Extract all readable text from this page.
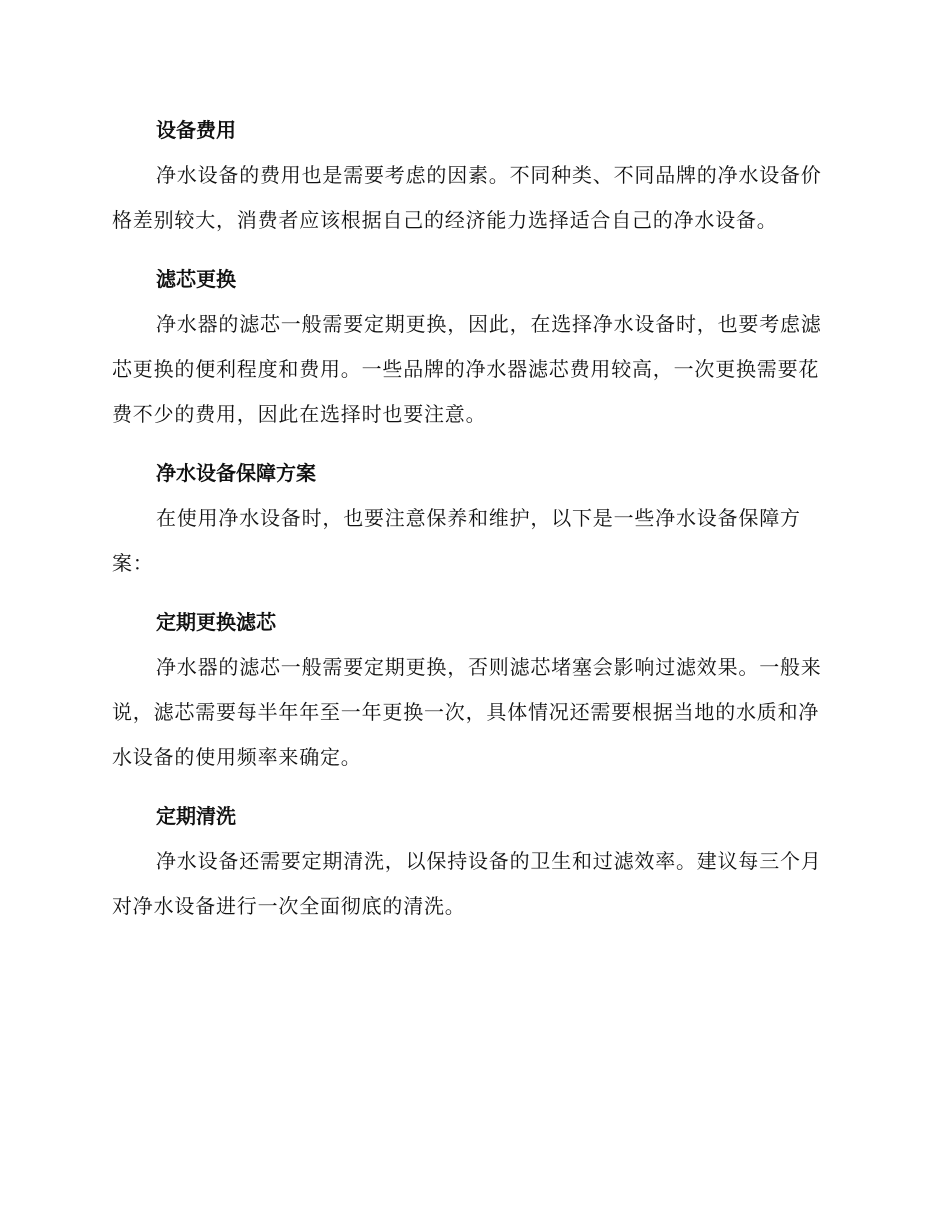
设备费用

净水设备的费用也是需要考虑的因素。不同种类、不同品牌的净水设备价格差别较大，消费者应该根据自己的经济能力选择适合自己的净水设备。

滤芯更换

净水器的滤芯一般需要定期更换，因此，在选择净水设备时，也要考虑滤芯更换的便利程度和费用。一些品牌的净水器滤芯费用较高，一次更换需要花费不少的费用，因此在选择时也要注意。

净水设备保障方案

在使用净水设备时，也要注意保养和维护，以下是一些净水设备保障方案：

定期更换滤芯

净水器的滤芯一般需要定期更换，否则滤芯堵塞会影响过滤效果。一般来说，滤芯需要每半年年至一年更换一次，具体情况还需要根据当地的水质和净水设备的使用频率来确定。

定期清洗

净水设备还需要定期清洗，以保持设备的卫生和过滤效率。建议每三个月对净水设备进行一次全面彻底的清洗。
